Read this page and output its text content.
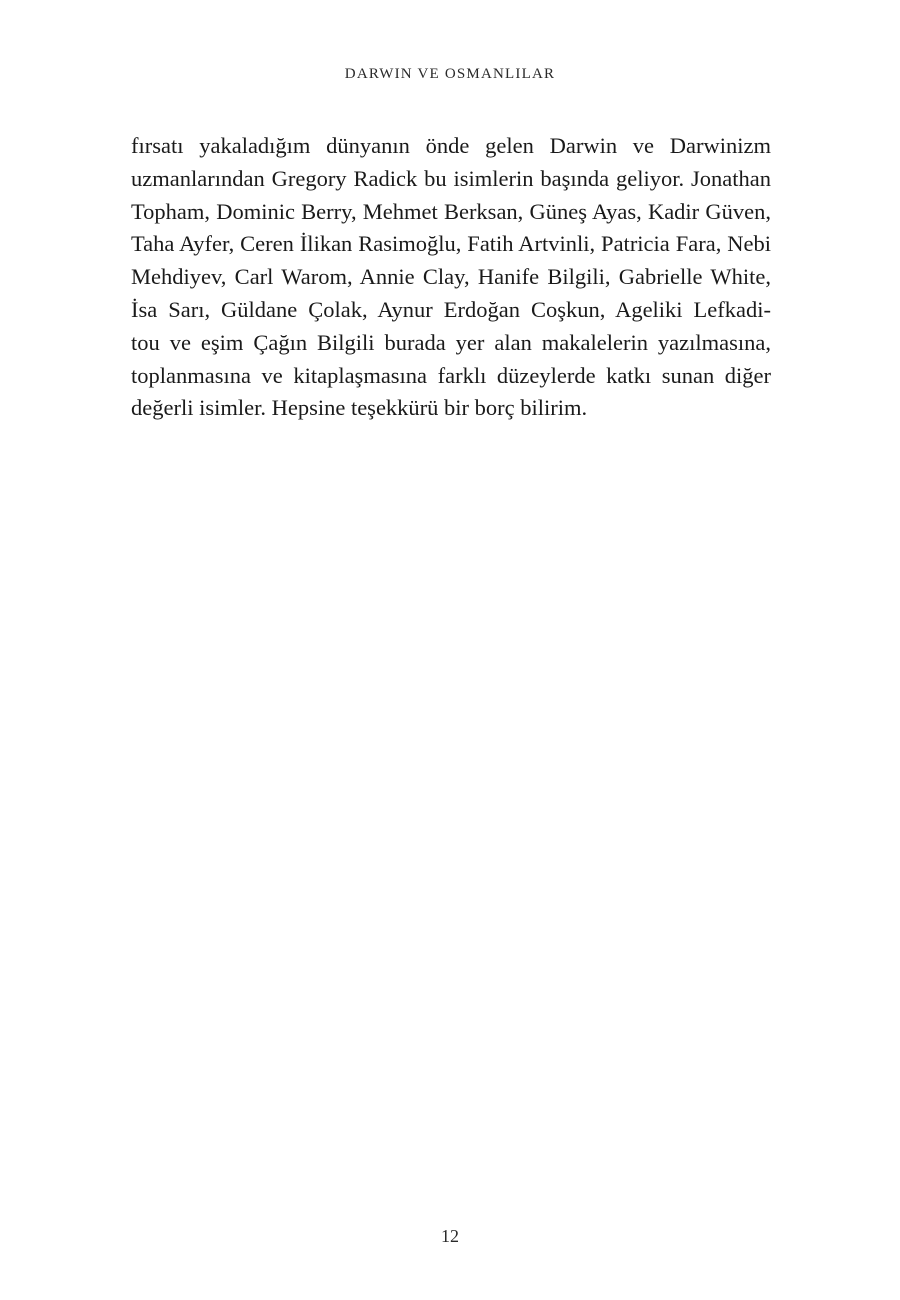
DARWIN VE OSMANLILAR
fırsatı yakaladığım dünyanın önde gelen Darwin ve Darwinizm
uzmanlarından Gregory Radick bu isimlerin başında geliyor. Jonathan
Topham, Dominic Berry, Mehmet Berksan, Güneş Ayas, Kadir Güven,
Taha Ayfer, Ceren İlikan Rasimoğlu, Fatih Artvinli, Patricia Fara, Nebi
Mehdiyev, Carl Warom, Annie Clay, Hanife Bilgili, Gabrielle White,
İsa Sarı, Güldane Çolak, Aynur Erdoğan Coşkun, Ageliki Lefkadi-
tou ve eşim Çağın Bilgili burada yer alan makalelerin yazılmasına,
toplanmasına ve kitaplaşmasına farklı düzeylerde katkı sunan diğer
değerli isimler. Hepsine teşekkürü bir borç bilirim.
12
